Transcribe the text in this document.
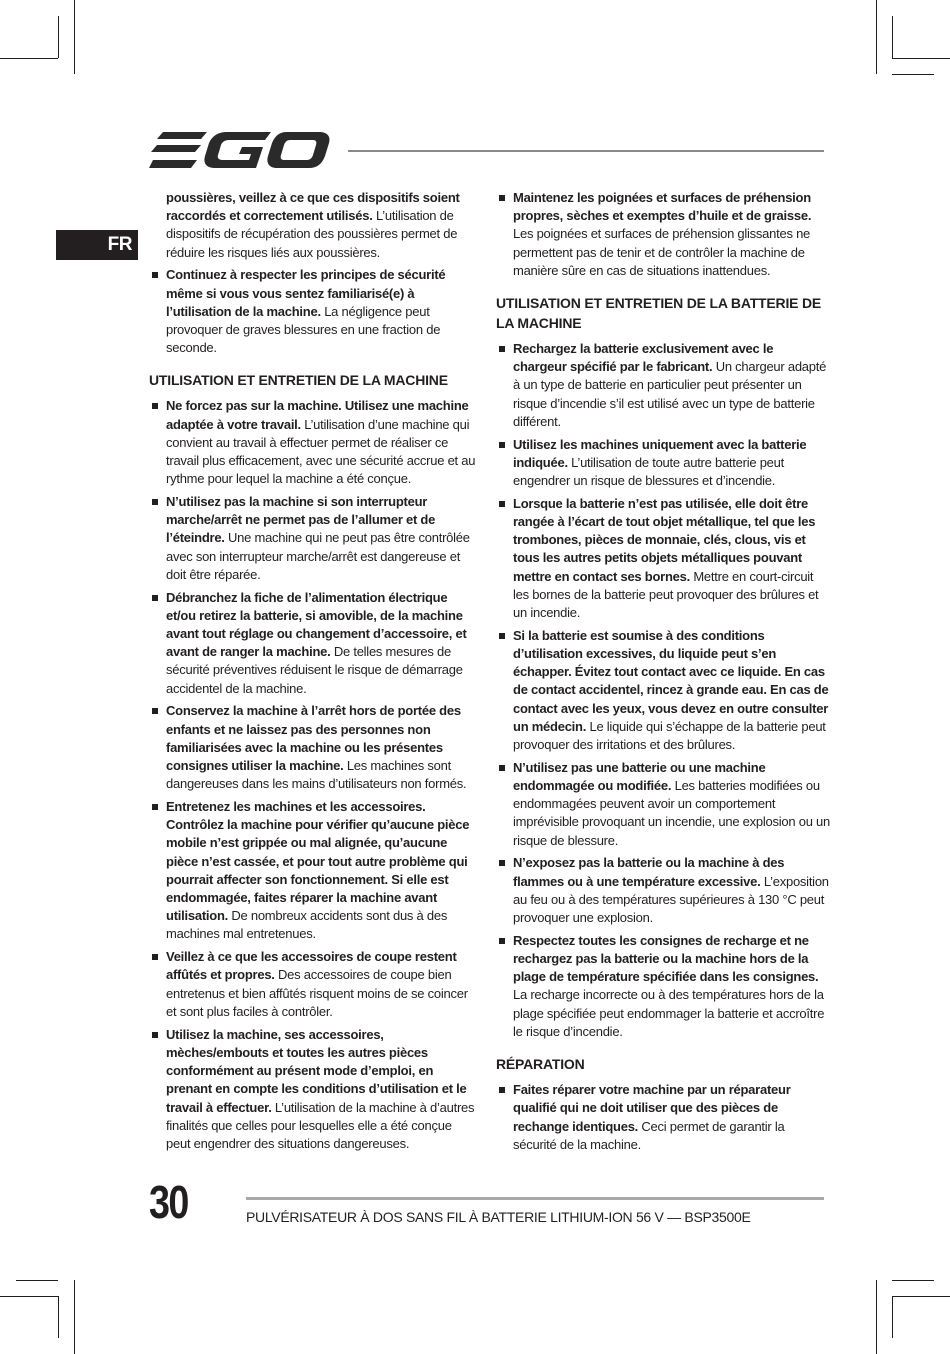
FR

poussières, veillez à ce que ces dispositifs soient raccordés et correctement utilisés. L’utilisation de dispositifs de récupération des poussières permet de réduire les risques liés aux poussières.

Continuez à respecter les principes de sécurité même si vous vous sentez familiarisé(e) à l’utilisation de la machine. La négligence peut provoquer de graves blessures en une fraction de seconde.
UTILISATION ET ENTRETIEN DE LA MACHINE
Ne forcez pas sur la machine. Utilisez une machine adaptée à votre travail. L’utilisation d’une machine qui convient au travail à effectuer permet de réaliser ce travail plus efficacement, avec une sécurité accrue et au rythme pour lequel la machine a été conçue.
N’utilisez pas la machine si son interrupteur marche/arrêt ne permet pas de l’allumer et de l’éteindre. Une machine qui ne peut pas être contrôlée avec son interrupteur marche/arrêt est dangereuse et doit être réparée.
Débranchez la fiche de l’alimentation électrique et/ou retirez la batterie, si amovible, de la machine avant tout réglage ou changement d’accessoire, et avant de ranger la machine. De telles mesures de sécurité préventives réduisent le risque de démarrage accidentel de la machine.
Conservez la machine à l’arrêt hors de portée des enfants et ne laissez pas des personnes non familiarisées avec la machine ou les présentes consignes utiliser la machine. Les machines sont dangereuses dans les mains d’utilisateurs non formés.
Entretenez les machines et les accessoires. Contrôlez la machine pour vérifier qu’aucune pièce mobile n’est grippée ou mal alignée, qu’aucune pièce n’est cassée, et pour tout autre problème qui pourrait affecter son fonctionnement. Si elle est endommagée, faites réparer la machine avant utilisation. De nombreux accidents sont dus à des machines mal entretenues.
Veillez à ce que les accessoires de coupe restent affûtés et propres. Des accessoires de coupe bien entretenus et bien affûtés risquent moins de se coincer et sont plus faciles à contrôler.
Utilisez la machine, ses accessoires, mèches/embouts et toutes les autres pièces conformément au présent mode d’emploi, en prenant en compte les conditions d’utilisation et le travail à effectuer. L’utilisation de la machine à d’autres finalités que celles pour lesquelles elle a été conçue peut engendrer des situations dangereuses.
Maintenez les poignées et surfaces de préhension propres, sèches et exemptes d’huile et de graisse. Les poignées et surfaces de préhension glissantes ne permettent pas de tenir et de contrôler la machine de manière sûre en cas de situations inattendues.
UTILISATION ET ENTRETIEN DE LA BATTERIE DE LA MACHINE
Rechargez la batterie exclusivement avec le chargeur spécifié par le fabricant. Un chargeur adapté à un type de batterie en particulier peut présenter un risque d’incendie s’il est utilisé avec un type de batterie différent.
Utilisez les machines uniquement avec la batterie indiquée. L’utilisation de toute autre batterie peut engendrer un risque de blessures et d’incendie.
Lorsque la batterie n’est pas utilisée, elle doit être rangée à l’écart de tout objet métallique, tel que les trombones, pièces de monnaie, clés, clous, vis et tous les autres petits objets métalliques pouvant mettre en contact ses bornes. Mettre en court-circuit les bornes de la batterie peut provoquer des brûlures et un incendie.
Si la batterie est soumise à des conditions d’utilisation excessives, du liquide peut s’en échapper. Évitez tout contact avec ce liquide. En cas de contact accidentel, rincez à grande eau. En cas de contact avec les yeux, vous devez en outre consulter un médecin. Le liquide qui s’échappe de la batterie peut provoquer des irritations et des brûlures.
N’utilisez pas une batterie ou une machine endommagée ou modifiée. Les batteries modifiées ou endommagées peuvent avoir un comportement imprévisible provoquant un incendie, une explosion ou un risque de blessure.
N’exposez pas la batterie ou la machine à des flammes ou à une température excessive. L’exposition au feu ou à des températures supérieures à 130 °C peut provoquer une explosion.
Respectez toutes les consignes de recharge et ne rechargez pas la batterie ou la machine hors de la plage de température spécifiée dans les consignes. La recharge incorrecte ou à des températures hors de la plage spécifiée peut endommager la batterie et accroître le risque d’incendie.
RÉPARATION
Faites réparer votre machine par un réparateur qualifié qui ne doit utiliser que des pièces de rechange identiques. Ceci permet de garantir la sécurité de la machine.
30	PULVÉRISATEUR À DOS SANS FIL À BATTERIE LITHIUM-ION 56 V — BSP3500E
